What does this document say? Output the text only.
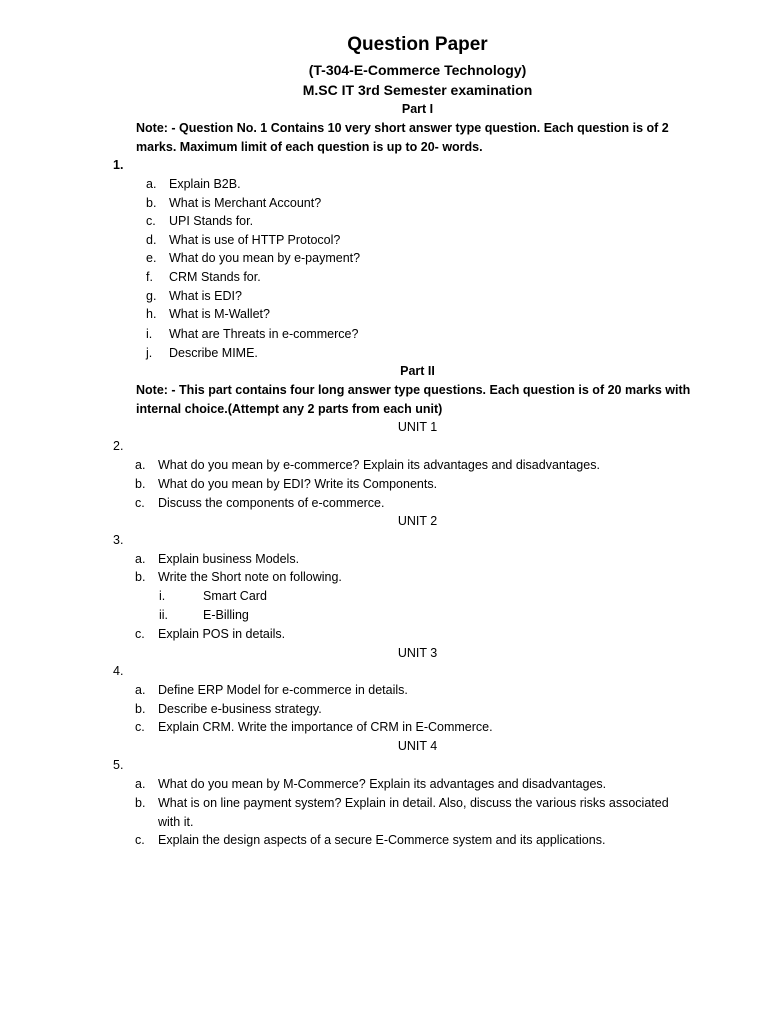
Question Paper
(T-304-E-Commerce Technology)
M.SC IT 3rd Semester examination
Part I
Note: - Question No. 1 Contains 10 very short answer type question. Each question is of 2 marks. Maximum limit of each question is up to 20- words.
1.
a. Explain B2B.
b. What is Merchant Account?
c. UPI Stands for.
d. What is use of HTTP Protocol?
e. What do you mean by e-payment?
f. CRM Stands for.
g. What is EDI?
h. What is M-Wallet?
i. What are Threats in e-commerce?
j. Describe MIME.
Part II
Note: - This part contains four long answer type questions. Each question is of 20 marks with internal choice.(Attempt any 2 parts from each unit)
UNIT 1
2.
a. What do you mean by e-commerce? Explain its advantages and disadvantages.
b. What do you mean by EDI? Write its Components.
c. Discuss the components of e-commerce.
UNIT 2
3.
a. Explain business Models.
b. Write the Short note on following.
i.	Smart Card
ii.	E-Billing
c. Explain POS in details.
UNIT 3
4.
a. Define ERP Model for e-commerce in details.
b. Describe e-business strategy.
c. Explain CRM. Write the importance of CRM in E-Commerce.
UNIT 4
5.
a. What do you mean by M-Commerce? Explain its advantages and disadvantages.
b. What is on line payment system? Explain in detail. Also, discuss the various risks associated with it.
c. Explain the design aspects of a secure E-Commerce system and its applications.
